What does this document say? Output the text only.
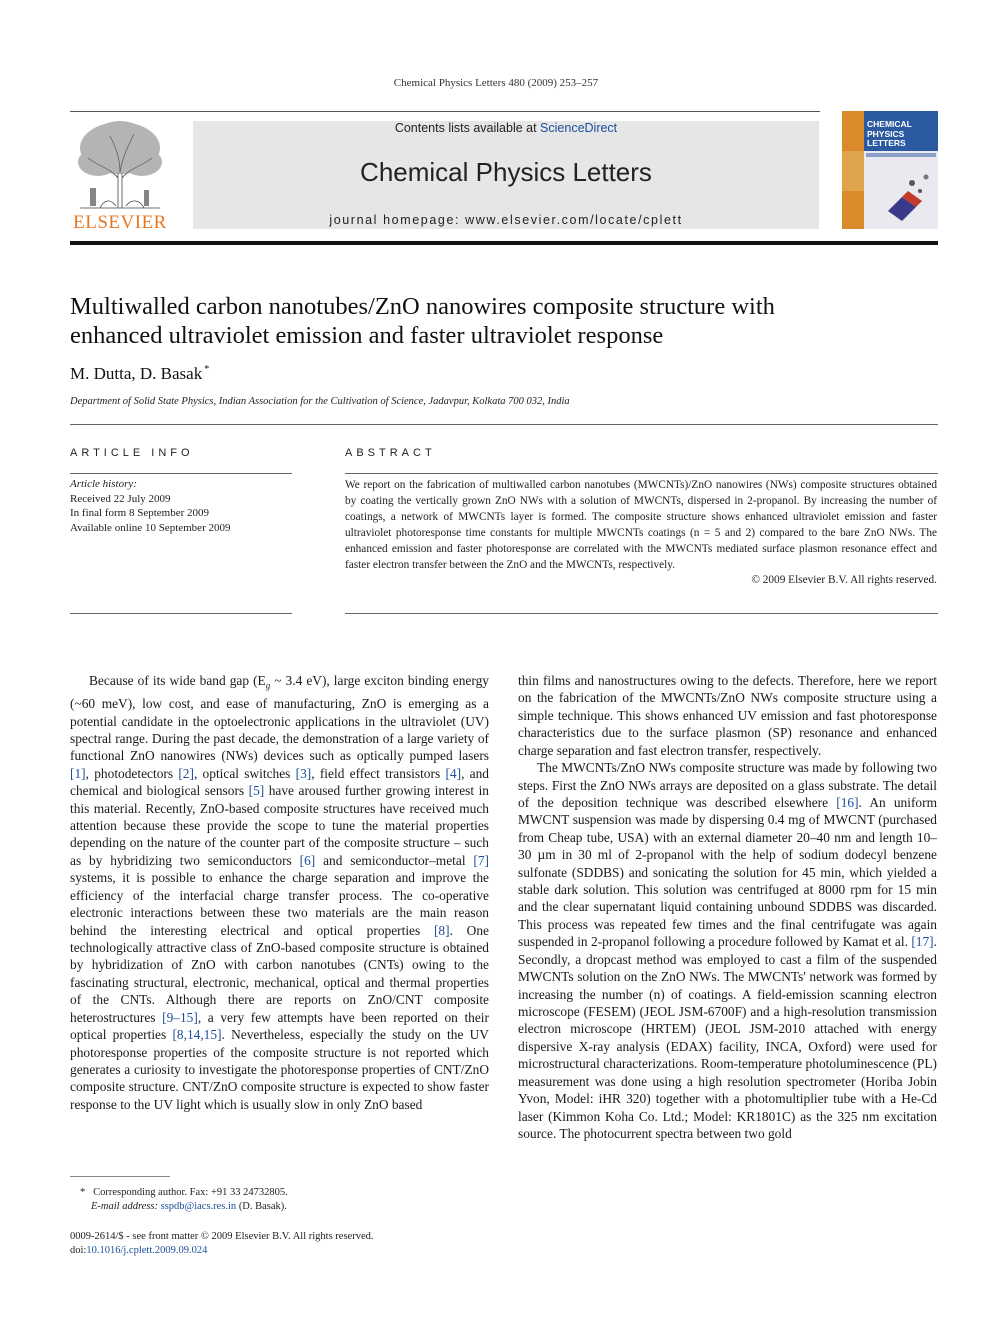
Chemical Physics Letters 480 (2009) 253–257
ELSEVIER
Contents lists available at ScienceDirect
Chemical Physics Letters
journal homepage: www.elsevier.com/locate/cplett
CHEMICAL
PHYSICS
LETTERS
Multiwalled carbon nanotubes/ZnO nanowires composite structure with
enhanced ultraviolet emission and faster ultraviolet response
M. Dutta, D. Basak *
Department of Solid State Physics, Indian Association for the Cultivation of Science, Jadavpur, Kolkata 700 032, India
ARTICLE INFO
Article history:
Received 22 July 2009
In final form 8 September 2009
Available online 10 September 2009
ABSTRACT
We report on the fabrication of multiwalled carbon nanotubes (MWCNTs)/ZnO nanowires (NWs) composite structures obtained by coating the vertically grown ZnO NWs with a solution of MWCNTs, dispersed in 2-propanol. By increasing the number of coatings, a network of MWCNTs layer is formed. The composite structure shows enhanced ultraviolet emission and faster ultraviolet photoresponse time constants for multiple MWCNTs coatings (n = 5 and 2) compared to the bare ZnO NWs. The enhanced emission and faster photoresponse are correlated with the MWCNTs mediated surface plasmon resonance effect and faster electron transfer between the ZnO and the MWCNTs, respectively.
© 2009 Elsevier B.V. All rights reserved.

Because of its wide band gap ($E_g$ ~ 3.4 eV), large exciton binding energy (~60 meV), low cost, and ease of manufacturing, ZnO is emerging as a potential candidate in the optoelectronic applications in the ultraviolet (UV) spectral range. During the past decade, the demonstration of a large variety of functional ZnO nanowires (NWs) devices such as optically pumped lasers [1], photodetectors [2], optical switches [3], field effect transistors [4], and chemical and biological sensors [5] have aroused further growing interest in this material. Recently, ZnO-based composite structures have received much attention because these provide the scope to tune the material properties depending on the nature of the counter part of the composite structure – such as by hybridizing two semiconductors [6] and semiconductor–metal [7] systems, it is possible to enhance the charge separation and improve the efficiency of the interfacial charge transfer process. The co-operative electronic interactions between these two materials are the main reason behind the interesting electrical and optical properties [8]. One technologically attractive class of ZnO-based composite structure is obtained by hybridization of ZnO with carbon nanotubes (CNTs) owing to the fascinating structural, electronic, mechanical, optical and thermal properties of the CNTs. Although there are reports on ZnO/CNT composite heterostructures [9–15], a very few attempts have been reported on their optical properties [8,14,15]. Nevertheless, especially the study on the UV photoresponse properties of the composite structure is not reported which generates a curiosity to investigate the photoresponse properties of CNT/ZnO composite structure. CNT/ZnO composite structure is expected to show faster response to the UV light which is usually slow in only ZnO based

thin films and nanostructures owing to the defects. Therefore, here we report on the fabrication of the MWCNTs/ZnO NWs composite structure using a simple technique. This shows enhanced UV emission and fast photoresponse characteristics due to the surface plasmon (SP) resonance and enhanced charge separation and fast electron transfer, respectively.

The MWCNTs/ZnO NWs composite structure was made by following two steps. First the ZnO NWs arrays are deposited on a glass substrate. The detail of the deposition technique was described elsewhere [16]. An uniform MWCNT suspension was made by dispersing 0.4 mg of MWCNT (purchased from Cheap tube, USA) with an external diameter 20–40 nm and length 10–30 µm in 30 ml of 2-propanol with the help of sodium dodecyl benzene sulfonate (SDDBS) and sonicating the solution for 45 min, which yielded a stable dark solution. This solution was centrifuged at 8000 rpm for 15 min and the clear supernatant liquid containing unbound SDDBS was discarded. This process was repeated few times and the final centrifugate was again suspended in 2-propanol following a procedure followed by Kamat et al. [17]. Secondly, a dropcast method was employed to cast a film of the suspended MWCNTs solution on the ZnO NWs. The MWCNTs' network was formed by increasing the number (n) of coatings. A field-emission scanning electron microscope (FESEM) (JEOL JSM-6700F) and a high-resolution transmission electron microscope (HRTEM) (JEOL JSM-2010 attached with energy dispersive X-ray analysis (EDAX) facility, INCA, Oxford) were used for microstructural characterizations. Room-temperature photoluminescence (PL) measurement was done using a high resolution spectrometer (Horiba Jobin Yvon, Model: iHR 320) together with a photomultiplier tube with a He-Cd laser (Kimmon Koha Co. Ltd.; Model: KR1801C) as the 325 nm excitation source. The photocurrent spectra between two gold

* Corresponding author. Fax: +91 33 24732805.
E-mail address: sspdb@iacs.res.in (D. Basak).
0009-2614/$ - see front matter © 2009 Elsevier B.V. All rights reserved.
doi:10.1016/j.cplett.2009.09.024
